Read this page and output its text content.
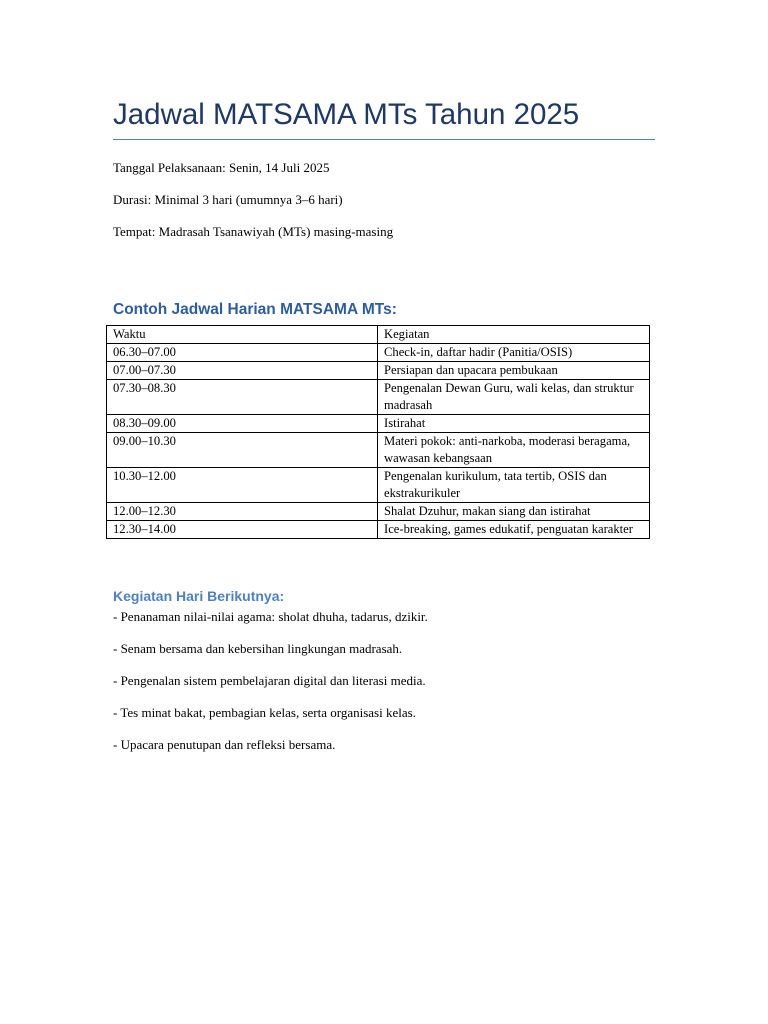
Jadwal MATSAMA MTs Tahun 2025
Tanggal Pelaksanaan: Senin, 14 Juli 2025
Durasi: Minimal 3 hari (umumnya 3–6 hari)
Tempat: Madrasah Tsanawiyah (MTs) masing-masing
Contoh Jadwal Harian MATSAMA MTs:
Waktu	Kegiatan
06.30–07.00	Check-in, daftar hadir (Panitia/OSIS)
07.00–07.30	Persiapan dan upacara pembukaan
07.30–08.30	Pengenalan Dewan Guru, wali kelas, dan struktur madrasah
08.30–09.00	Istirahat
09.00–10.30	Materi pokok: anti-narkoba, moderasi beragama, wawasan kebangsaan
10.30–12.00	Pengenalan kurikulum, tata tertib, OSIS dan ekstrakurikuler
12.00–12.30	Shalat Dzuhur, makan siang dan istirahat
12.30–14.00	Ice-breaking, games edukatif, penguatan karakter
Kegiatan Hari Berikutnya:
- Penanaman nilai-nilai agama: sholat dhuha, tadarus, dzikir.
- Senam bersama dan kebersihan lingkungan madrasah.
- Pengenalan sistem pembelajaran digital dan literasi media.
- Tes minat bakat, pembagian kelas, serta organisasi kelas.
- Upacara penutupan dan refleksi bersama.
